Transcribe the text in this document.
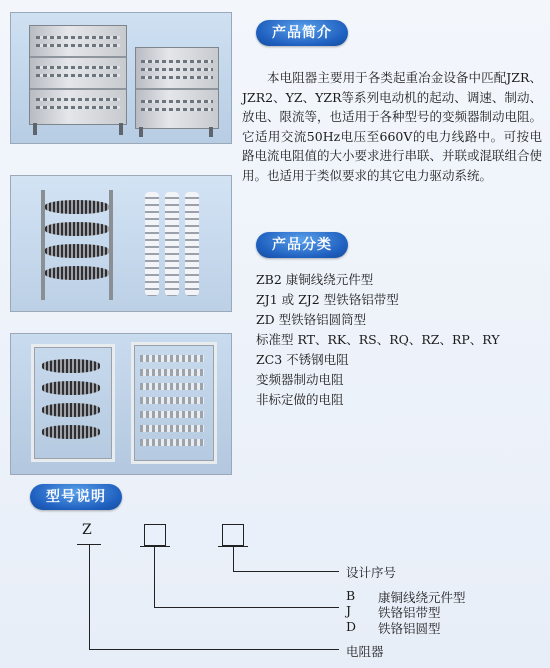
产品简介

本电阻器主要用于各类起重冶金设备中匹配JZR、JZR2、YZ、YZR等系列电动机的起动、调速、制动、放电、限流等，也适用于各种型号的变频器制动电阻。它适用交流50Hz电压至660V的电力线路中。可按电路电流电阻值的大小要求进行串联、并联或混联组合使用。也适用于类似要求的其它电力驱动系统。

产品分类
ZB2 康铜线绕元件型
ZJ1 或 ZJ2 型铁铬铝带型
ZD 型铁铬铝圆筒型
标准型 RT、RK、RS、RQ、RZ、RP、RY
ZC3 不锈钢电阻
变频器制动电阻
非标定做的电阻
型号说明
Z
设计序号
B 康铜线绕元件型
J 铁铬铝带型
D 铁铬铝圆型
电阻器
